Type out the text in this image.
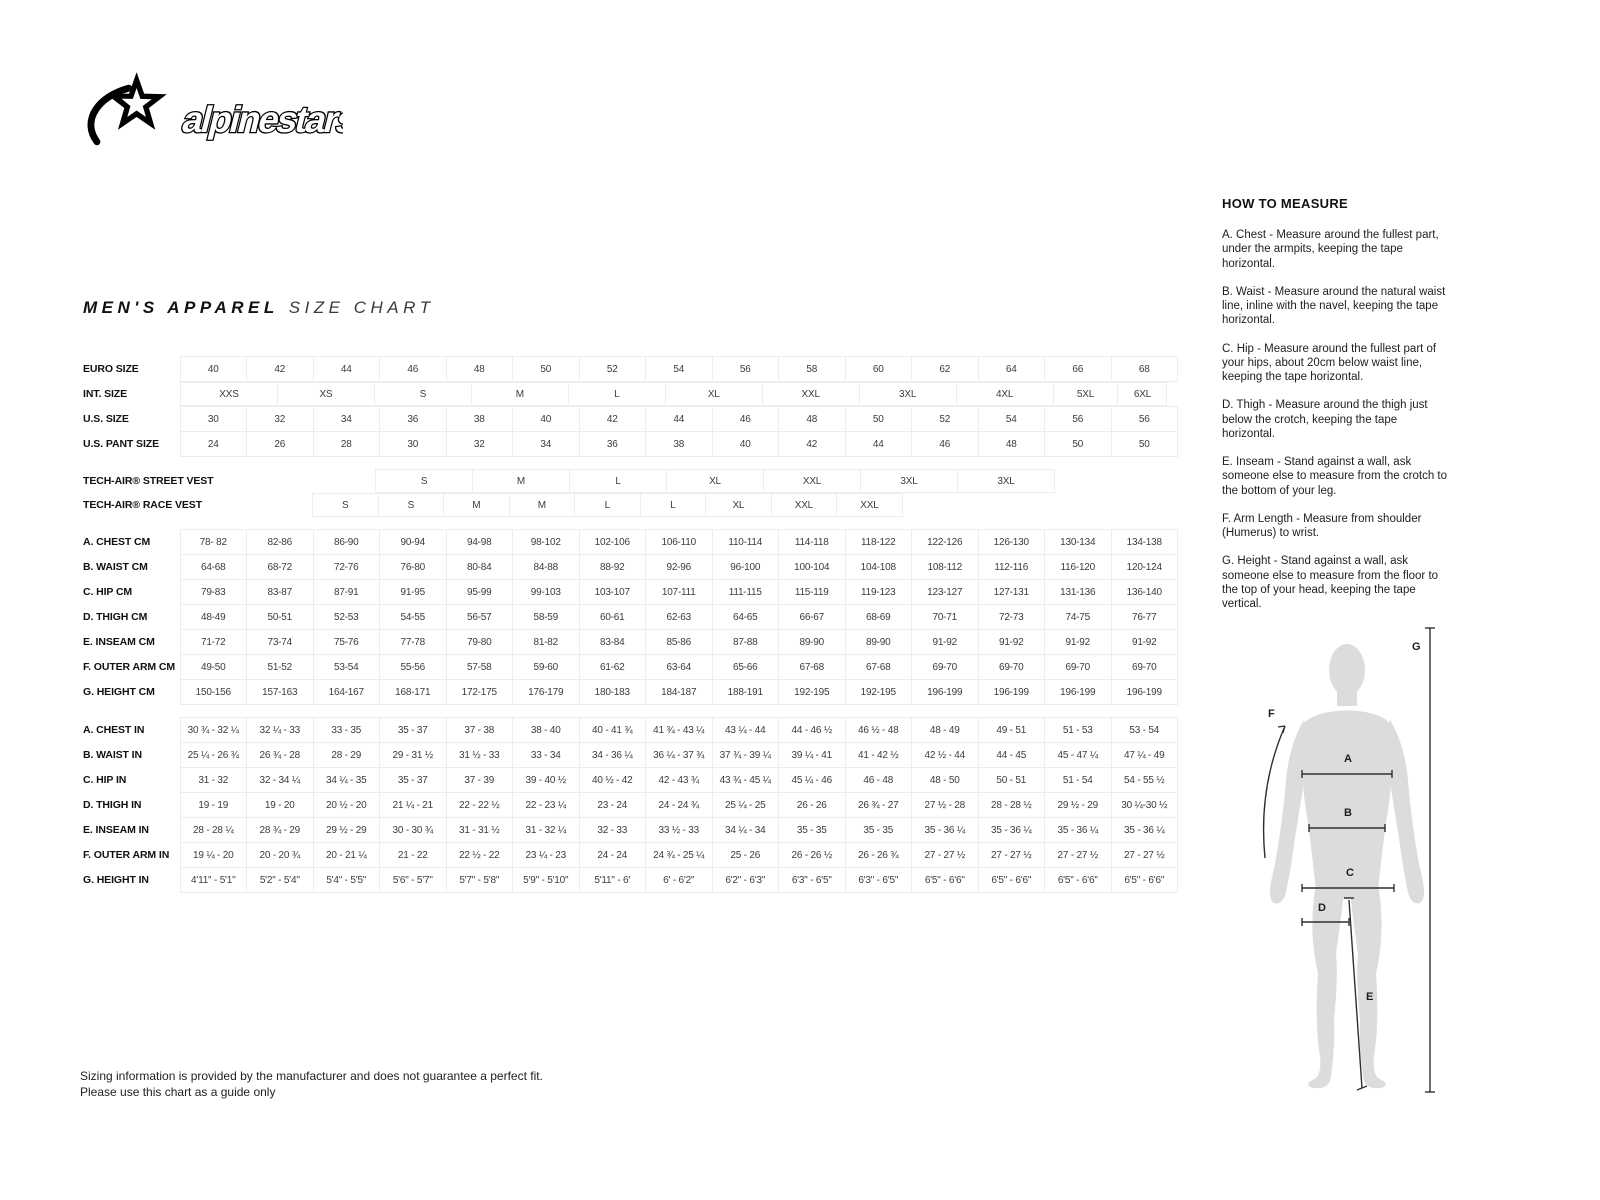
alpinestars
MEN'S APPAREL SIZE CHART
EURO SIZE	40	42	44	46	48	50	52	54	56	58	60	62	64	66	68
INT. SIZE	XXS	XS	S	M	L	XL	XXL	3XL	4XL	5XL	6XL

U.S. SIZE	30	32	34	36	38	40	42	44	46	48	50	52	54	56	56
U.S. PANT SIZE	24	26	28	30	32	34	36	38	40	42	44	46	48	50	50
TECH-AIR® STREET VEST	S	M	L	XL	XXL	3XL	3XL

TECH-AIR® RACE VEST	S	S	M	M	L	L	XL	XXL	XXL
A. CHEST CM	78- 82	82-86	86-90	90-94	94-98	98-102	102-106	106-110	110-114	114-118	118-122	122-126	126-130	130-134	134-138
B. WAIST CM	64-68	68-72	72-76	76-80	80-84	84-88	88-92	92-96	96-100	100-104	104-108	108-112	112-116	116-120	120-124
C. HIP CM	79-83	83-87	87-91	91-95	95-99	99-103	103-107	107-111	111-115	115-119	119-123	123-127	127-131	131-136	136-140
D. THIGH CM	48-49	50-51	52-53	54-55	56-57	58-59	60-61	62-63	64-65	66-67	68-69	70-71	72-73	74-75	76-77
E. INSEAM CM	71-72	73-74	75-76	77-78	79-80	81-82	83-84	85-86	87-88	89-90	89-90	91-92	91-92	91-92	91-92
F. OUTER ARM CM	49-50	51-52	53-54	55-56	57-58	59-60	61-62	63-64	65-66	67-68	67-68	69-70	69-70	69-70	69-70
G. HEIGHT CM	150-156	157-163	164-167	168-171	172-175	176-179	180-183	184-187	188-191	192-195	192-195	196-199	196-199	196-199	196-199
A. CHEST IN	30 ¾ - 32 ¼	32 ¼ - 33	33 - 35	35 - 37	37 - 38	38 - 40	40 - 41 ¾	41 ¾ - 43 ¼	43 ¼ - 44	44 - 46 ½	46 ½ - 48	48 - 49	49 - 51	51 - 53	53 - 54
B. WAIST IN	25 ¼ - 26 ¾	26 ¾ - 28	28 - 29	29 - 31 ½	31 ½ - 33	33 - 34	34 - 36 ¼	36 ¼ - 37 ¾	37 ¾ - 39 ¼	39 ¼ - 41	41 - 42 ½	42 ½ - 44	44 - 45	45 - 47 ¼	47 ¼ - 49
C. HIP IN	31 - 32	32 - 34 ¼	34 ¼ - 35	35 - 37	37 - 39	39 - 40 ½	40 ½ - 42	42 - 43 ¾	43 ¾ - 45 ¼	45 ¼ - 46	46 - 48	48 - 50	50 - 51	51 - 54	54 - 55 ½
D. THIGH IN	19 - 19	19 - 20	20 ½ - 20	21 ¼ - 21	22 - 22 ½	22 - 23 ¼	23 - 24	24 - 24 ¾	25 ¼ - 25	26 - 26	26 ¾ - 27	27 ½ - 28	28 - 28 ½	29 ½ - 29	30 ¼-30 ½
E. INSEAM IN	28 - 28 ¼	28 ¾ - 29	29 ½ - 29	30 - 30 ¾	31 - 31 ½	31 - 32 ¼	32 - 33	33 ½ - 33	34 ¼ - 34	35 - 35	35 - 35	35 - 36 ¼	35 - 36 ¼	35 - 36 ¼	35 - 36 ¼
F. OUTER ARM IN	19 ¼ - 20	20 - 20 ¾	20 - 21 ¼	21 - 22	22 ½ - 22	23 ¼ - 23	24 - 24	24 ¾ - 25 ¼	25 - 26	26 - 26 ½	26 - 26 ¾	27 - 27 ½	27 - 27 ½	27 - 27 ½	27 - 27 ½
G. HEIGHT IN	4'11" - 5'1"	5'2" - 5'4"	5'4" - 5'5"	5'6" - 5'7"	5'7" - 5'8"	5'9" - 5'10"	5'11" - 6'	6' - 6'2"	6'2" - 6'3"	6'3" - 6'5"	6'3" - 6'5"	6'5" - 6'6"	6'5" - 6'6"	6'5" - 6'6"	6'5" - 6'6"
HOW TO MEASURE
A. Chest - Measure around the fullest part, under the armpits, keeping the tape horizontal.
B. Waist - Measure around the natural waist line, inline with the navel, keeping the tape horizontal.
C. Hip - Measure around the fullest part of your hips, about 20cm below waist line, keeping the tape horizontal.
D. Thigh - Measure around the thigh just below the crotch, keeping the tape horizontal.
E. Inseam - Stand against a wall, ask someone else to measure from the crotch to the bottom of your leg.
F. Arm Length - Measure from shoulder (Humerus) to wrist.
G. Height - Stand against a wall, ask someone else to measure from the floor to the top of your head, keeping the tape vertical.
A
B
C
D
E
F
G
Sizing information is provided by the manufacturer and does not guarantee a perfect fit.
Please use this chart as a guide only
